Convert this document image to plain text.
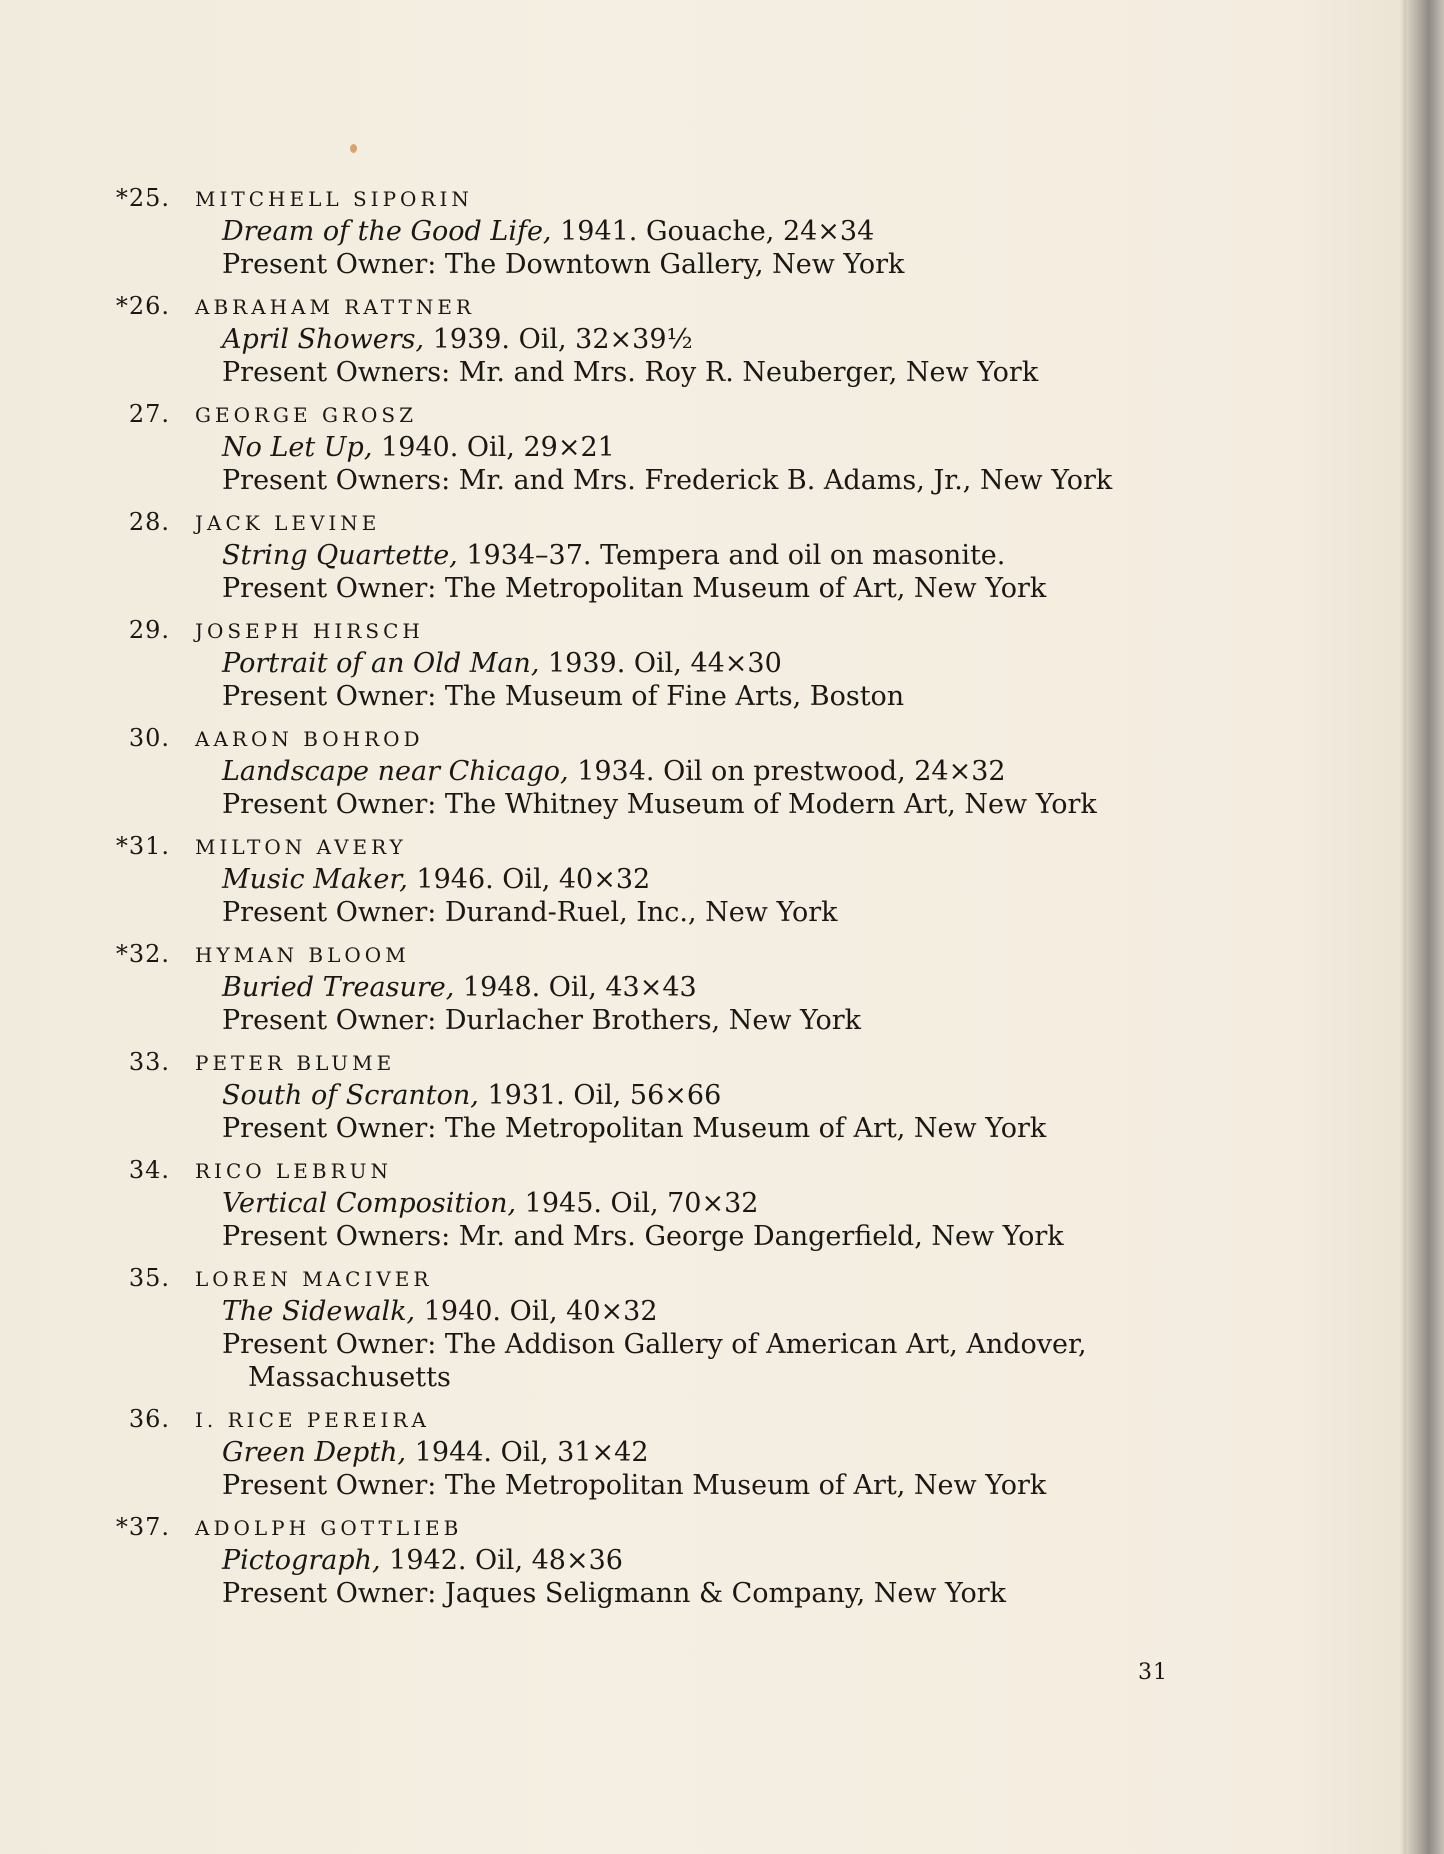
*25. MITCHELL SIPORIN
Dream of the Good Life, 1941. Gouache, 24×34
Present Owner: The Downtown Gallery, New York
*26. ABRAHAM RATTNER
April Showers, 1939. Oil, 32×39½
Present Owners: Mr. and Mrs. Roy R. Neuberger, New York
27. GEORGE GROSZ
No Let Up, 1940. Oil, 29×21
Present Owners: Mr. and Mrs. Frederick B. Adams, Jr., New York
28. JACK LEVINE
String Quartette, 1934–37. Tempera and oil on masonite.
Present Owner: The Metropolitan Museum of Art, New York
29. JOSEPH HIRSCH
Portrait of an Old Man, 1939. Oil, 44×30
Present Owner: The Museum of Fine Arts, Boston
30. AARON BOHROD
Landscape near Chicago, 1934. Oil on prestwood, 24×32
Present Owner: The Whitney Museum of Modern Art, New York
*31. MILTON AVERY
Music Maker, 1946. Oil, 40×32
Present Owner: Durand-Ruel, Inc., New York
*32. HYMAN BLOOM
Buried Treasure, 1948. Oil, 43×43
Present Owner: Durlacher Brothers, New York
33. PETER BLUME
South of Scranton, 1931. Oil, 56×66
Present Owner: The Metropolitan Museum of Art, New York
34. RICO LEBRUN
Vertical Composition, 1945. Oil, 70×32
Present Owners: Mr. and Mrs. George Dangerfield, New York
35. LOREN MACIVER
The Sidewalk, 1940. Oil, 40×32
Present Owner: The Addison Gallery of American Art, Andover,
Massachusetts
36. I. RICE PEREIRA
Green Depth, 1944. Oil, 31×42
Present Owner: The Metropolitan Museum of Art, New York
*37. ADOLPH GOTTLIEB
Pictograph, 1942. Oil, 48×36
Present Owner: Jaques Seligmann & Company, New York
31
